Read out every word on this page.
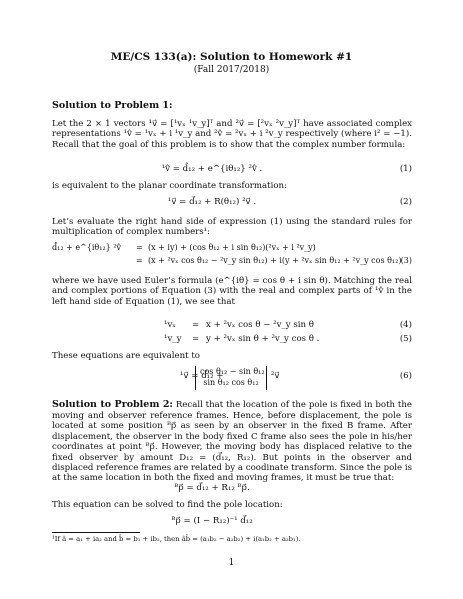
ME/CS 133(a): Solution to Homework #1
(Fall 2017/2018)
Solution to Problem 1:
Let the 2 × 1 vectors ¹v⃗ = [¹vₓ ¹v_y]ᵀ and ²v⃗ = [²vₓ ²v_y]ᵀ have associated complex representations ¹v̂ = ¹vₓ + i ¹v_y and ²v̂ = ²vₓ + i ²v_y respectively (where i² = −1). Recall that the goal of this problem is to show that the complex number formula:
¹v̂ = d̂₁₂ + e^{iθ₁₂} ²v̂ .	(1)
is equivalent to the planar coordinate transformation:
¹v⃗ = d⃗₁₂ + R(θ₁₂) ²v⃗ .	(2)
Let’s evaluate the right hand side of expression (1) using the standard rules for multiplication of complex numbers¹:
d̂₁₂ + e^{iθ₁₂} ²v̂ = (x + iy) + (cos θ₁₂ + i sin θ₁₂)(²vₓ + i ²v_y)
= (x + ²vₓ cos θ₁₂ − ²v_y sin θ₁₂) + i(y + ²vₓ sin θ₁₂ + ²v_y cos θ₁₂) (3)
where we have used Euler’s formula (e^{iθ} = cos θ + i sin θ). Matching the real and complex portions of Equation (3) with the real and complex parts of ¹v̂ in the left hand side of Equation (1), we see that
¹vₓ = x + ²vₓ cos θ − ²v_y sin θ	(4)
¹v_y = y + ²vₓ sin θ + ²v_y cos θ .	(5)
These equations are equivalent to
¹v⃗ = d⃗₁₂ +	²v⃗	(6)
cos θ₁₂ − sin θ₁₂
sin θ₁₂ cos θ₁₂
Solution to Problem 2: Recall that the location of the pole is fixed in both the moving and observer reference frames. Hence, before displacement, the pole is located at some position ᴮp⃗ as seen by an observer in the fixed B frame. After displacement, the observer in the body fixed C frame also sees the pole in his/her coordinates at point ᴮp⃗. However, the moving body has displaced relative to the fixed observer by amount D₁₂ = (d⃗₁₂, R₁₂). But points in the observer and displaced reference frames are related by a coodinate transform. Since the pole is at the same location in both the fixed and moving frames, it must be true that:
ᴮp⃗ = d⃗₁₂ + R₁₂ ᴮp⃗.
This equation can be solved to find the pole location:
ᴮp⃗ = (I − R₁₂)⁻¹ d⃗₁₂
¹If â = a₁ + ia₂ and b̂ = b₁ + ib₂, then âb̂ = (a₁b₂ − a₂b₂) + i(a₁b₂ + a₂b₁).
1
